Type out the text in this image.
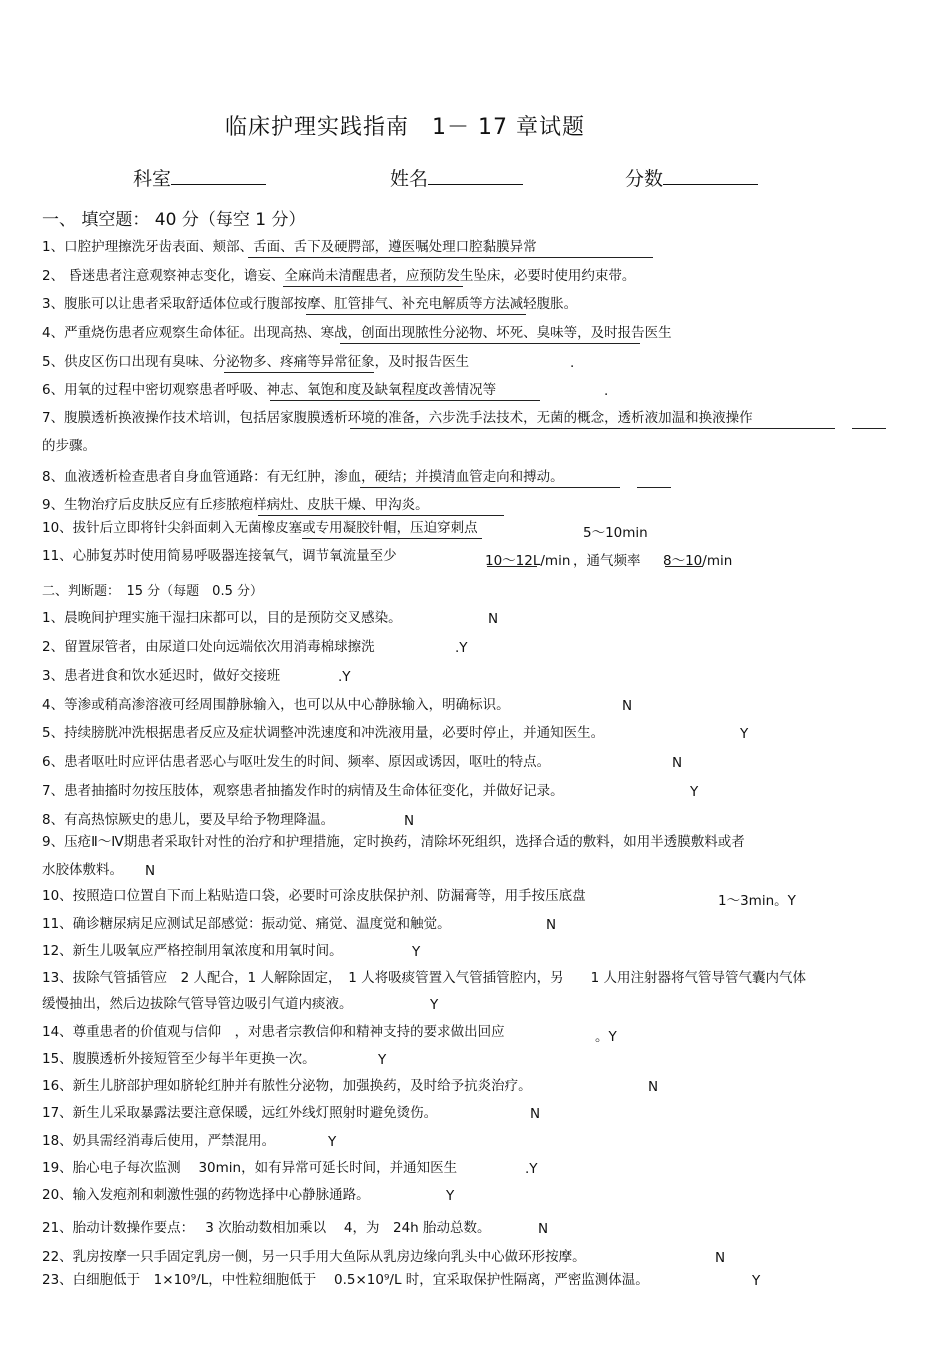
临床护理实践指南　1－ 17 章试题
科室	姓名	分数
一、 填空题： 40 分（每空 1 分）
1、口腔护理擦洗牙齿表面、颊部、舌面、舌下及硬腭部，遵医嘱处理口腔黏膜异常
2、 昏迷患者注意观察神志变化，谵妄、全麻尚未清醒患者，应预防发生坠床，必要时使用约束带。
3、腹胀可以让患者采取舒适体位或行腹部按摩、肛管排气、补充电解质等方法减轻腹胀。
4、严重烧伤患者应观察生命体征。出现高热、寒战，创面出现脓性分泌物、坏死、臭味等，及时报告医生
5、供皮区伤口出现有臭味、分泌物多、疼痛等异常征象，及时报告医生	.
6、用氧的过程中密切观察患者呼吸、神志、氧饱和度及缺氧程度改善情况等	.
7、腹膜透析换液操作技术培训，包括居家腹膜透析环境的准备，六步洗手法技术，无菌的概念，透析液加温和换液操作
的步骤。
8、血液透析检查患者自身血管通路：有无红肿，渗血，硬结；并摸清血管走向和搏动。
9、生物治疗后皮肤反应有丘疹脓疱样病灶、皮肤干燥、甲沟炎。
10、拔针后立即将针尖斜面刺入无菌橡皮塞或专用凝胶针帽，压迫穿刺点	5～10min
11、心肺复苏时使用简易呼吸器连接氧气，调节氧流量至少	10～12L/min ，通气频率 8～10/min
二、判断题：　15 分（每题　0.5 分）
1、晨晚间护理实施干湿扫床都可以，目的是预防交叉感染。	N
2、留置尿管者，由尿道口处向远端依次用消毒棉球擦洗	.Y
3、患者进食和饮水延迟时，做好交接班	.Y
4、等渗或稍高渗溶液可经周围静脉输入，也可以从中心静脉输入，明确标识。	N
5、持续膀胱冲洗根据患者反应及症状调整冲洗速度和冲洗液用量，必要时停止，并通知医生。	Y
6、患者呕吐时应评估患者恶心与呕吐发生的时间、频率、原因或诱因，呕吐的特点。	N
7、患者抽搐时勿按压肢体，观察患者抽搐发作时的病情及生命体征变化，并做好记录。	Y
8、有高热惊厥史的患儿，要及早给予物理降温。	N
9、压疮Ⅱ～Ⅳ期患者采取针对性的治疗和护理措施，定时换药，清除坏死组织，选择合适的敷料，如用半透膜敷料或者
水胶体敷料。	N
10、按照造口位置自下而上粘贴造口袋，必要时可涂皮肤保护剂、防漏膏等，用手按压底盘	1～3min。Y
11、确诊糖尿病足应测试足部感觉：振动觉、痛觉、温度觉和触觉。	N
12、新生儿吸氧应严格控制用氧浓度和用氧时间。	Y
13、拔除气管插管应　2 人配合，1 人解除固定，　1 人将吸痰管置入气管插管腔内，另　　1 人用注射器将气管导管气囊内气体
缓慢抽出，然后边拔除气管导管边吸引气道内痰液。	Y
14、尊重患者的价值观与信仰　，对患者宗教信仰和精神支持的要求做出回应	。Y
15、腹膜透析外接短管至少每半年更换一次。	Y
16、新生儿脐部护理如脐轮红肿并有脓性分泌物，加强换药，及时给予抗炎治疗。	N
17、新生儿采取暴露法要注意保暖，远红外线灯照射时避免烫伤。	N
18、奶具需经消毒后使用，严禁混用。	Y
19、胎心电子每次监测　 30min，如有异常可延长时间，并通知医生	.Y
20、输入发疱剂和刺激性强的药物选择中心静脉通路。	Y
21、胎动计数操作要点：　 3 次胎动数相加乘以　 4，为　24h 胎动总数。	N
22、乳房按摩一只手固定乳房一侧，另一只手用大鱼际从乳房边缘向乳头中心做环形按摩。	N
23、白细胞低于　1×10⁹/L，中性粒细胞低于　 0.5×10⁹/L 时，宜采取保护性隔离，严密监测体温。	Y
